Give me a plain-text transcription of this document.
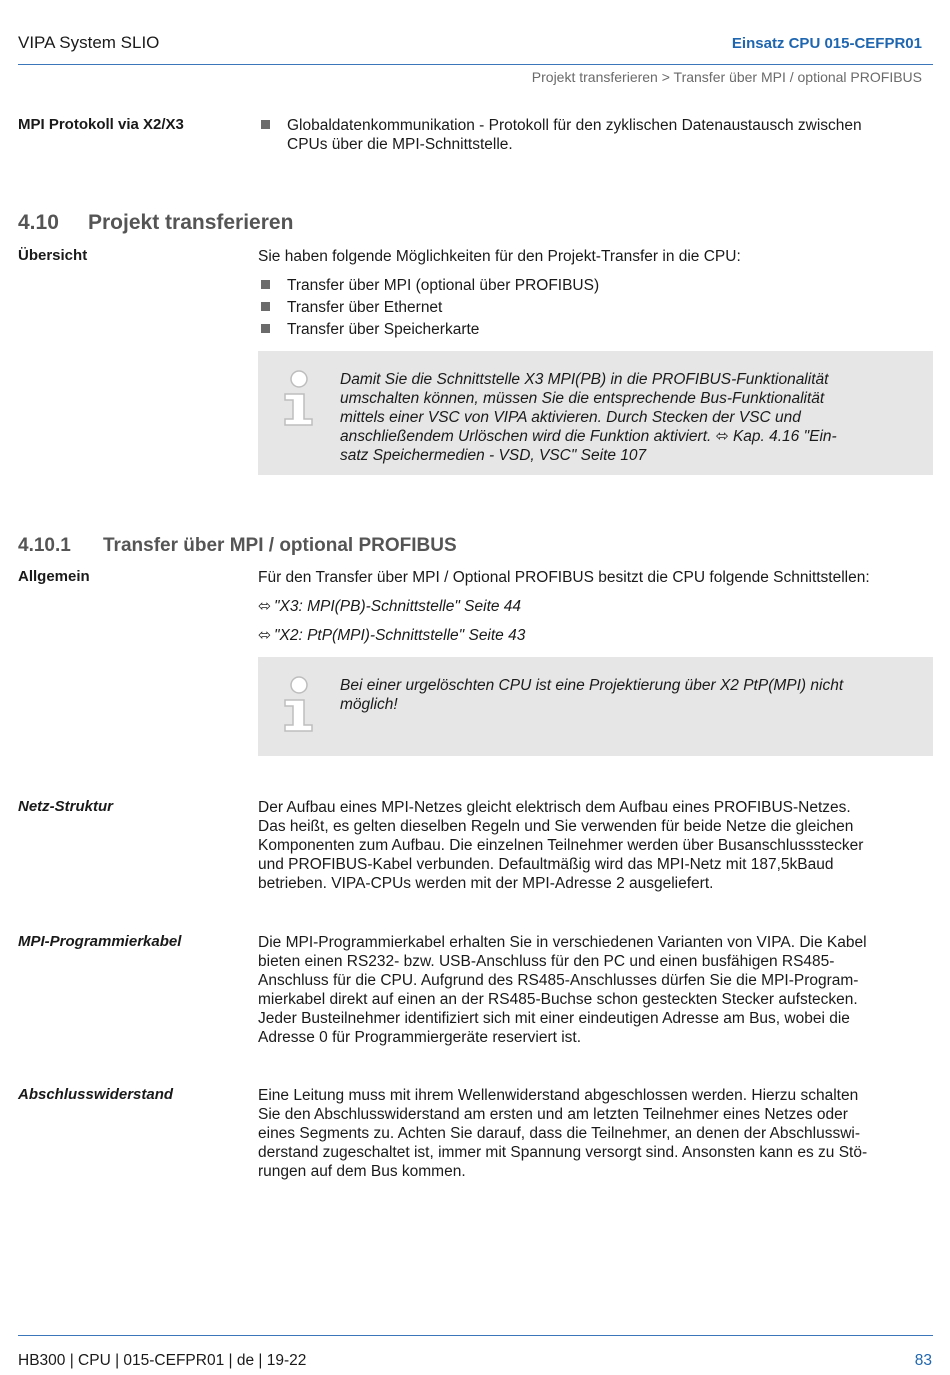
VIPA System SLIO	Einsatz CPU 015-CEFPR01
Projekt transferieren > Transfer über MPI / optional PROFIBUS
MPI Protokoll via X2/X3	Globaldatenkommunikation - Protokoll für den zyklischen Datenaustausch zwischen
CPUs über die MPI-Schnittstelle.
4.10 Projekt transferieren
Übersicht	Sie haben folgende Möglichkeiten für den Projekt-Transfer in die CPU:
Transfer über MPI (optional über PROFIBUS)
Transfer über Ethernet
Transfer über Speicherkarte
Damit Sie die Schnittstelle X3 MPI(PB) in die PROFIBUS-Funktionalität
umschalten können, müssen Sie die entsprechende Bus-Funktionalität
mittels einer VSC von VIPA aktivieren. Durch Stecken der VSC und
anschließendem Urlöschen wird die Funktion aktiviert. ⬄ Kap. 4.16 "Ein-
satz Speichermedien - VSD, VSC" Seite 107
4.10.1 Transfer über MPI / optional PROFIBUS
Allgemein	Für den Transfer über MPI / Optional PROFIBUS besitzt die CPU folgende Schnittstellen:
⬄ "X3: MPI(PB)-Schnittstelle" Seite 44
⬄ "X2: PtP(MPI)-Schnittstelle" Seite 43
Bei einer urgelöschten CPU ist eine Projektierung über X2 PtP(MPI) nicht
möglich!
Netz-Struktur	Der Aufbau eines MPI-Netzes gleicht elektrisch dem Aufbau eines PROFIBUS-Netzes.
Das heißt, es gelten dieselben Regeln und Sie verwenden für beide Netze die gleichen
Komponenten zum Aufbau. Die einzelnen Teilnehmer werden über Busanschlussstecker
und PROFIBUS-Kabel verbunden. Defaultmäßig wird das MPI-Netz mit 187,5kBaud
betrieben. VIPA-CPUs werden mit der MPI-Adresse 2 ausgeliefert.
MPI-Programmierkabel	Die MPI-Programmierkabel erhalten Sie in verschiedenen Varianten von VIPA. Die Kabel
bieten einen RS232- bzw. USB-Anschluss für den PC und einen busfähigen RS485-
Anschluss für die CPU. Aufgrund des RS485-Anschlusses dürfen Sie die MPI-Program-
mierkabel direkt auf einen an der RS485-Buchse schon gesteckten Stecker aufstecken.
Jeder Busteilnehmer identifiziert sich mit einer eindeutigen Adresse am Bus, wobei die
Adresse 0 für Programmiergeräte reserviert ist.
Abschlusswiderstand	Eine Leitung muss mit ihrem Wellenwiderstand abgeschlossen werden. Hierzu schalten
Sie den Abschlusswiderstand am ersten und am letzten Teilnehmer eines Netzes oder
eines Segments zu. Achten Sie darauf, dass die Teilnehmer, an denen der Abschlusswi-
derstand zugeschaltet ist, immer mit Spannung versorgt sind. Ansonsten kann es zu Stö-
rungen auf dem Bus kommen.
HB300 | CPU | 015-CEFPR01 | de | 19-22	83
